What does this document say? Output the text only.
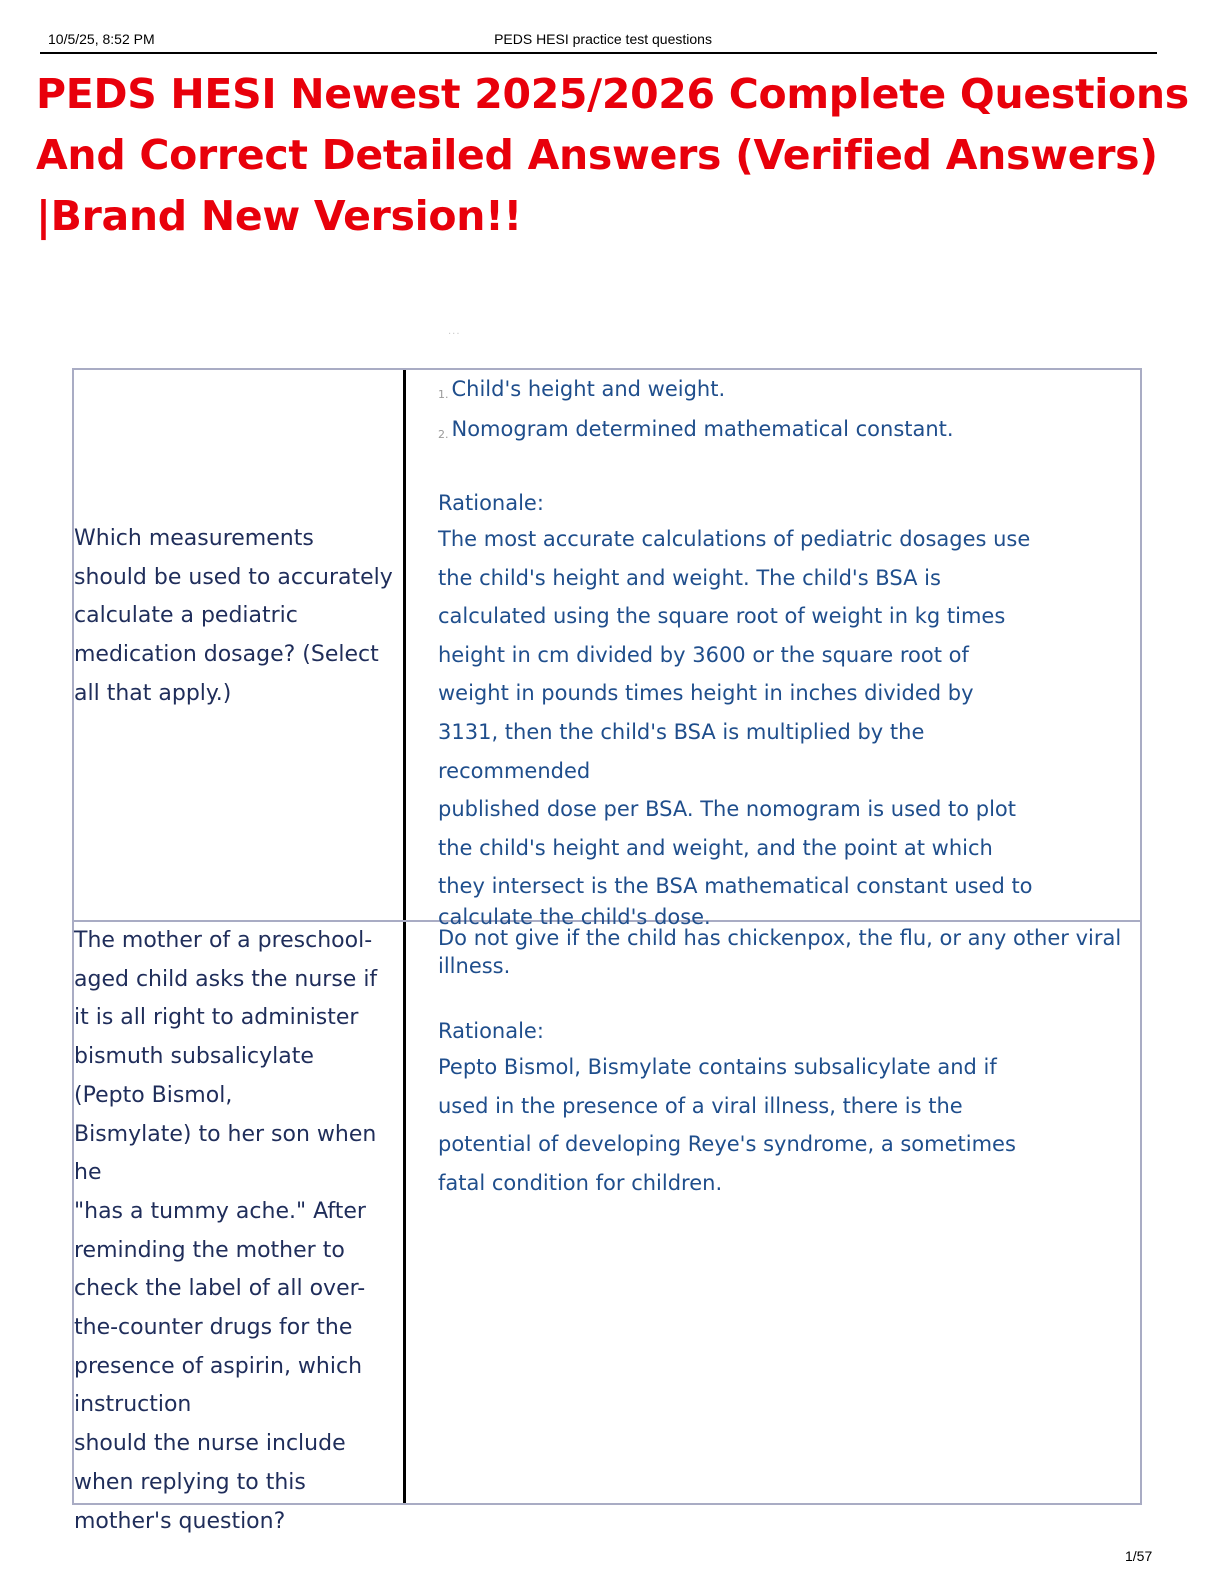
10/5/25, 8:52 PM	PEDS HESI practice test questions
PEDS HESI Newest 2025/2026 Complete Questions
And Correct Detailed Answers (Verified Answers)
|Brand New Version!!
...
Which measurements
should be used to accurately
calculate a pediatric
medication dosage? (Select
all that apply.)
1. Child's height and weight.
2. Nomogram determined mathematical constant.
Rationale:
The most accurate calculations of pediatric dosages use
the child's height and weight. The child's BSA is
calculated using the square root of weight in kg times
height in cm divided by 3600 or the square root of
weight in pounds times height in inches divided by
3131, then the child's BSA is multiplied by the
recommended
published dose per BSA. The nomogram is used to plot
the child's height and weight, and the point at which
they intersect is the BSA mathematical constant used to
calculate the child's dose.
The mother of a preschool-
aged child asks the nurse if
it is all right to administer
bismuth subsalicylate
(Pepto Bismol,
Bismylate) to her son when he
"has a tummy ache." After
reminding the mother to
check the label of all over-
the-counter drugs for the
presence of aspirin, which
instruction
should the nurse include
when replying to this
mother's question?
Do not give if the child has chickenpox, the flu, or any other viral illness.
Rationale:
Pepto Bismol, Bismylate contains subsalicylate and if
used in the presence of a viral illness, there is the
potential of developing Reye's syndrome, a sometimes
fatal condition for children.
1/57
